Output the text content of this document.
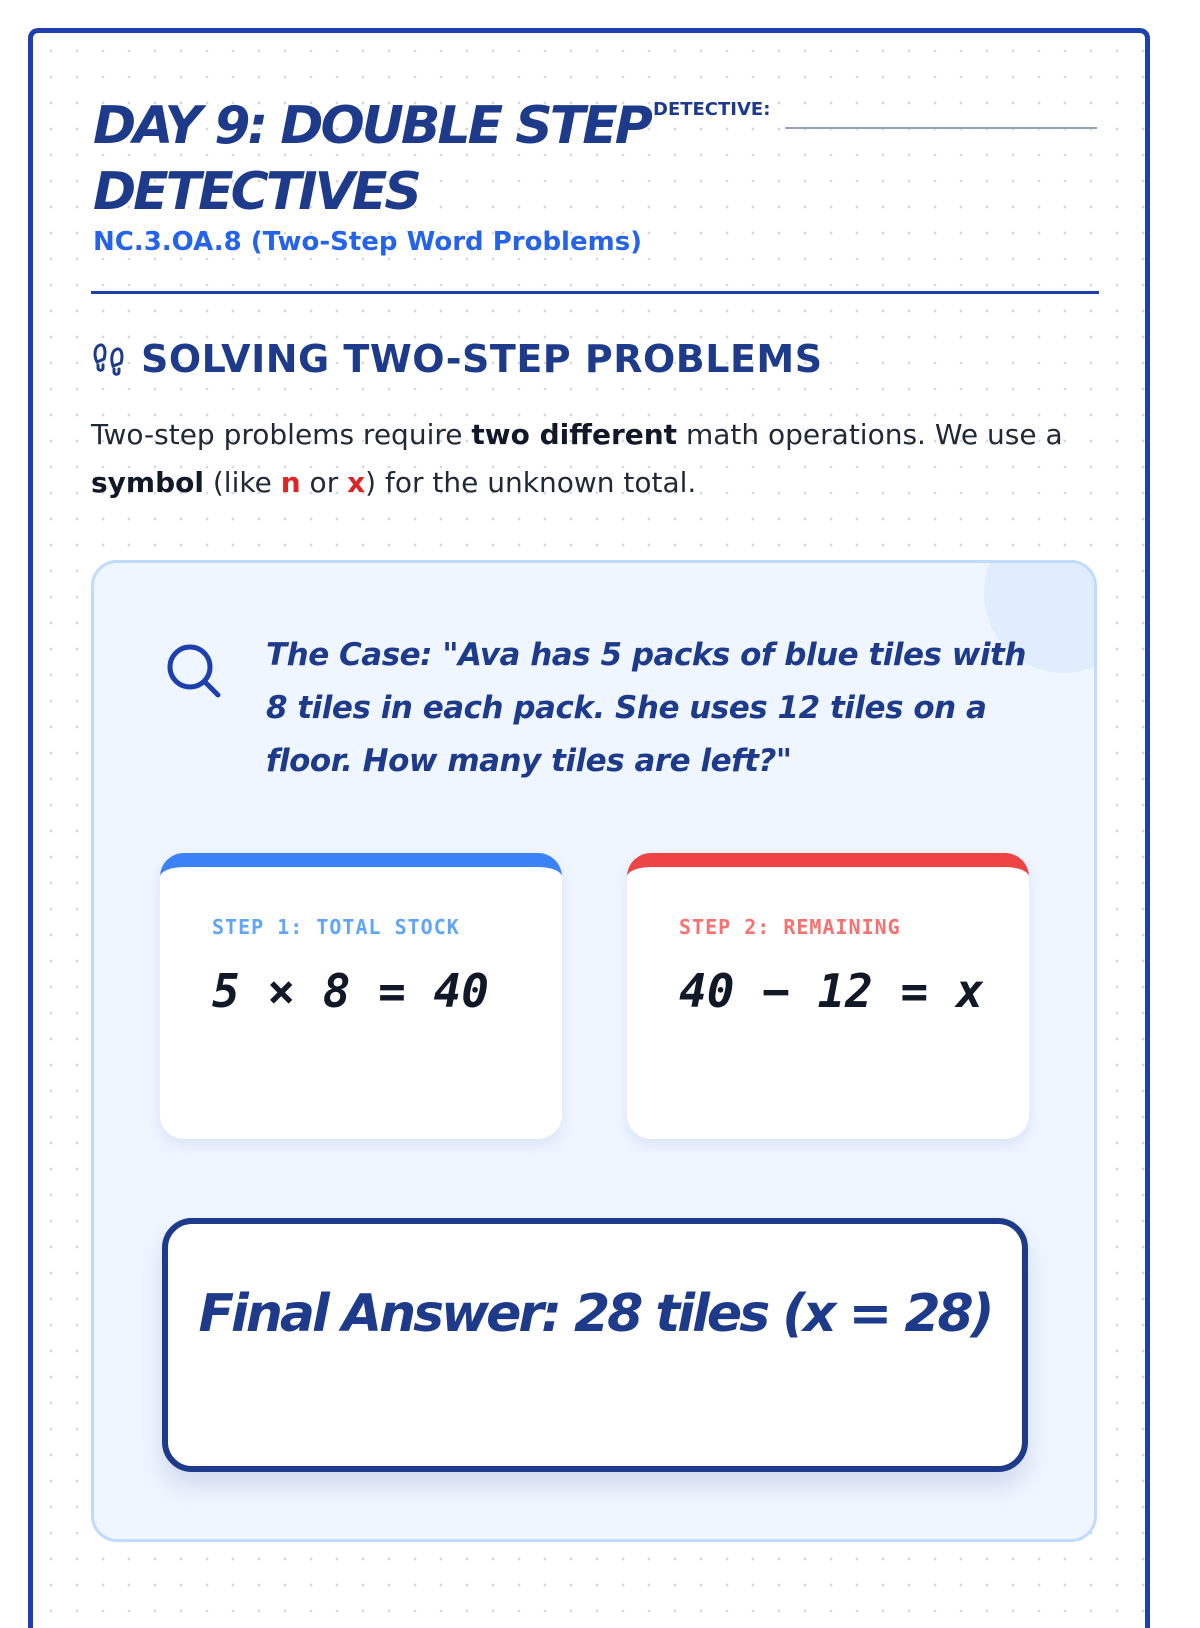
DAY 9: DOUBLE STEP DETECTIVES
NC.3.OA.8 (Two-Step Word Problems)
DETECTIVE:
SOLVING TWO-STEP PROBLEMS

Two-step problems require two different math operations. We use a symbol (like n or x) for the unknown total.

The Case: "Ava has 5 packs of blue tiles with 8 tiles in each pack. She uses 12 tiles on a floor. How many tiles are left?"

STEP 1: TOTAL STOCK

5 × 8 = 40

STEP 2: REMAINING

40 − 12 = x

Final Answer: 28 tiles (x = 28)
